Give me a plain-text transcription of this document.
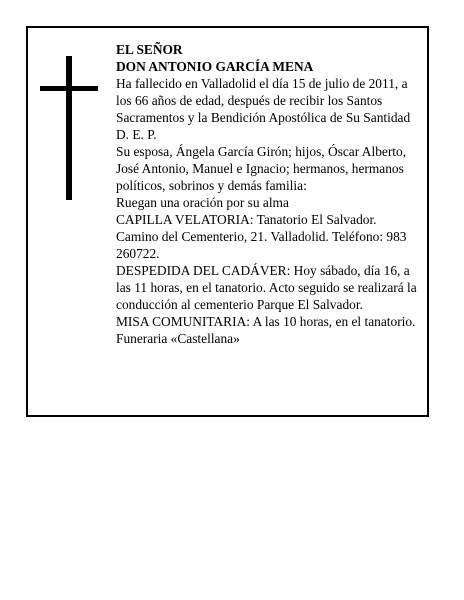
EL SEÑOR

DON ANTONIO GARCÍA MENA

Ha fallecido en Valladolid el día 15 de julio de 2011, a los 66 años de edad, después de recibir los Santos Sacramentos y la Bendición Apostólica de Su Santidad D. E. P.

Su esposa, Ángela García Girón; hijos, Óscar Alberto, José Antonio, Manuel e Ignacio; hermanos, hermanos políticos, sobrinos y demás familia:

Ruegan una oración por su alma

CAPILLA VELATORIA: Tanatorio El Salvador. Camino del Cementerio, 21. Valladolid. Teléfono: 983 260722.

DESPEDIDA DEL CADÁVER: Hoy sábado, día 16, a las 11 horas, en el tanatorio. Acto seguido se realizará la conducción al cementerio Parque El Salvador.

MISA COMUNITARIA: A las 10 horas, en el tanatorio.

Funeraria «Castellana»
